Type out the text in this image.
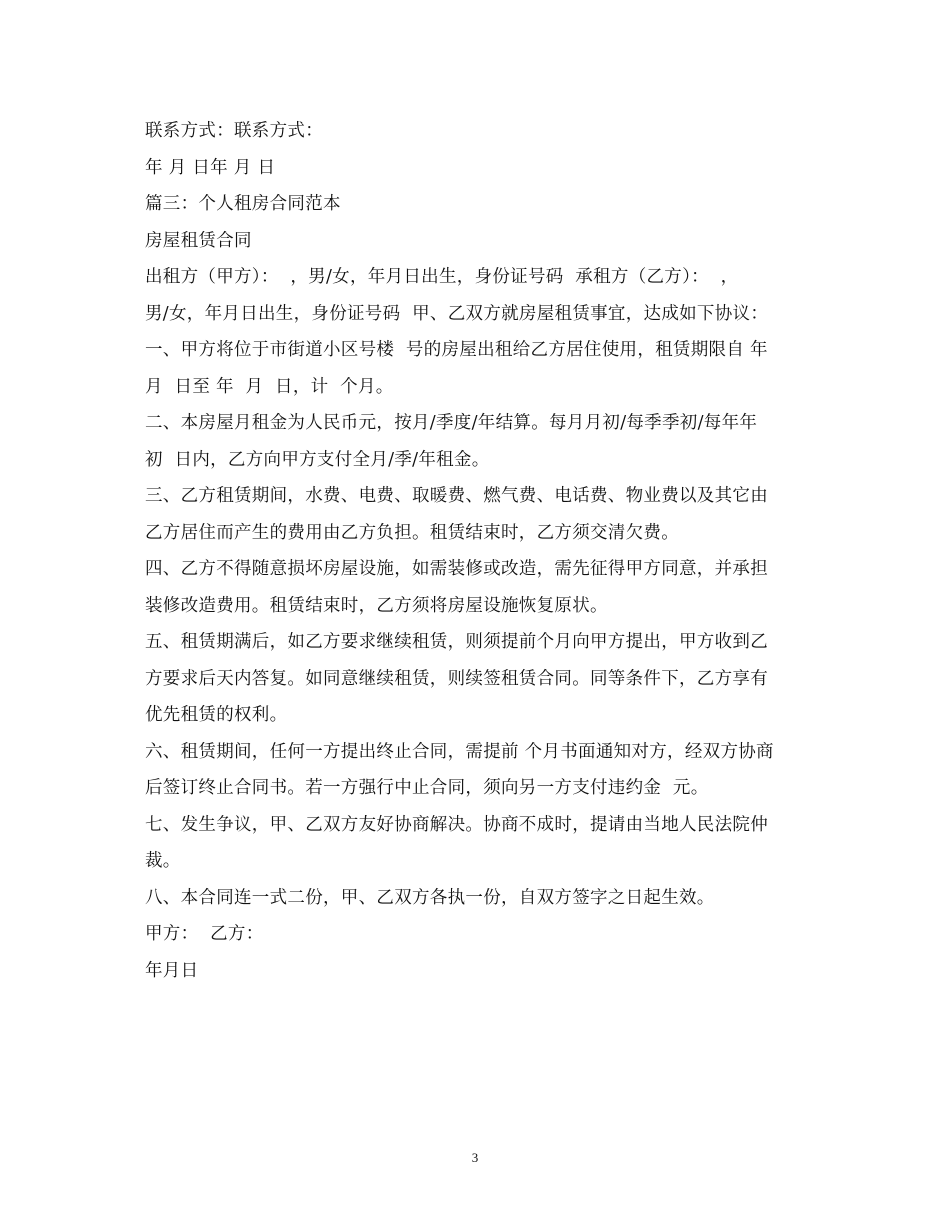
联系方式：联系方式：
年 月 日年 月 日
篇三：个人租房合同范本
房屋租赁合同
出租方（甲方）：  ，男/女，年月日出生，身份证号码  承租方（乙方）：  ，
男/女，年月日出生，身份证号码  甲、乙双方就房屋租赁事宜，达成如下协议：
一、甲方将位于市街道小区号楼  号的房屋出租给乙方居住使用，租赁期限自 年
月  日至 年  月  日，计  个月。
二、本房屋月租金为人民币元，按月/季度/年结算。每月月初/每季季初/每年年
初  日内，乙方向甲方支付全月/季/年租金。
三、乙方租赁期间，水费、电费、取暖费、燃气费、电话费、物业费以及其它由
乙方居住而产生的费用由乙方负担。租赁结束时，乙方须交清欠费。
四、乙方不得随意损坏房屋设施，如需装修或改造，需先征得甲方同意，并承担
装修改造费用。租赁结束时，乙方须将房屋设施恢复原状。
五、租赁期满后，如乙方要求继续租赁，则须提前个月向甲方提出，甲方收到乙
方要求后天内答复。如同意继续租赁，则续签租赁合同。同等条件下，乙方享有
优先租赁的权利。
六、租赁期间，任何一方提出终止合同，需提前 个月书面通知对方，经双方协商
后签订终止合同书。若一方强行中止合同，须向另一方支付违约金  元。
七、发生争议，甲、乙双方友好协商解决。协商不成时，提请由当地人民法院仲
裁。
八、本合同连一式二份，甲、乙双方各执一份，自双方签字之日起生效。
甲方：  乙方：
年月日
3
